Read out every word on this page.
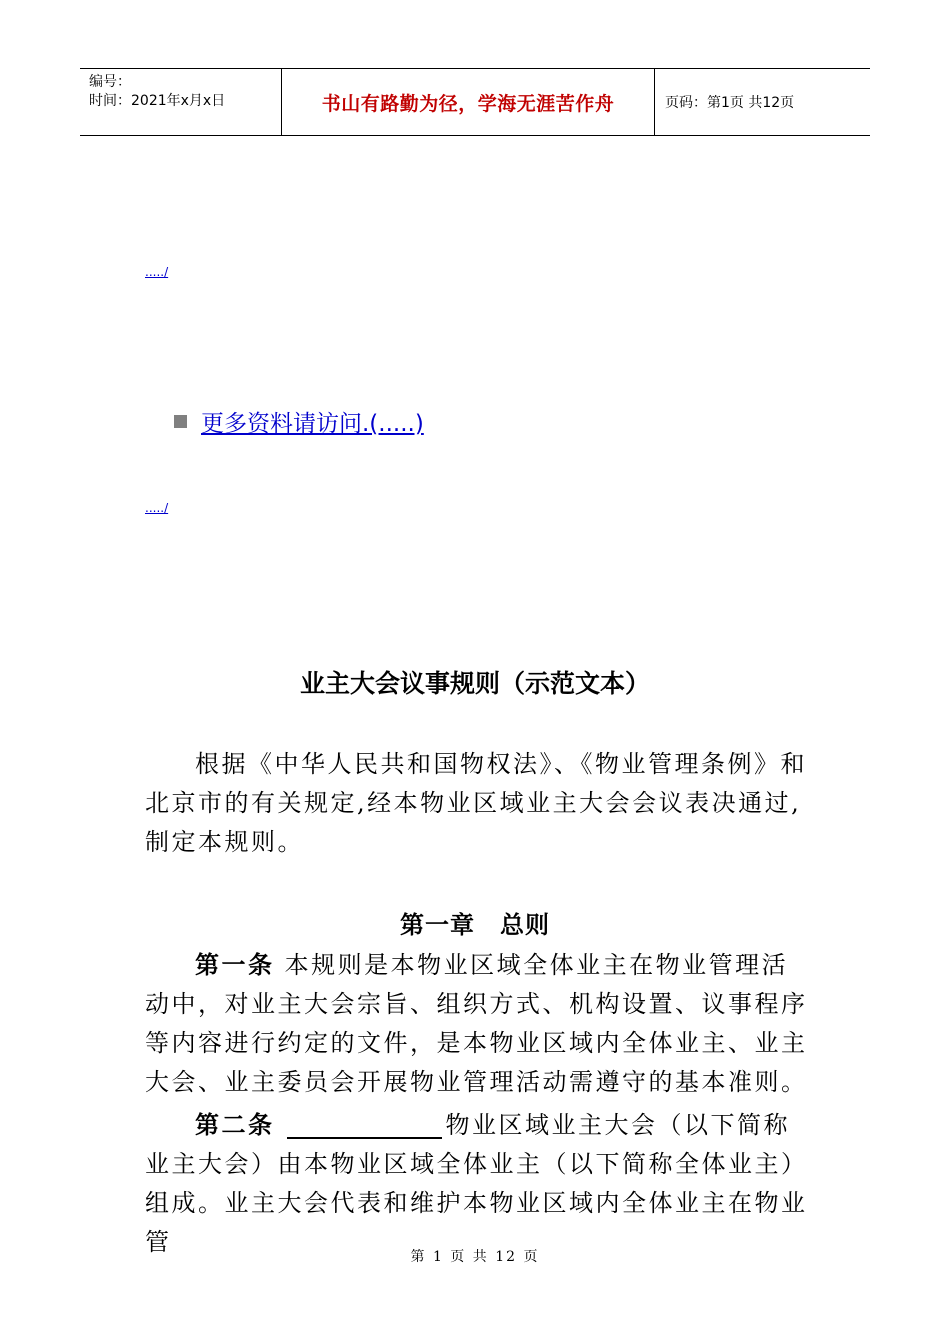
编号：
时间：2021年x月x日	书山有路勤为径，学海无涯苦作舟	页码：第1页 共12页
...../
更多资料请访问.(.....)
...../
业主大会议事规则（示范文本）
根据《中华人民共和国物权法》、《物业管理条例》和北京市的有关规定,经本物业区域业主大会会议表决通过,制定本规则。
第一章　总则
第一条 本规则是本物业区域全体业主在物业管理活动中，对业主大会宗旨、组织方式、机构设置、议事程序等内容进行约定的文件，是本物业区域内全体业主、业主大会、业主委员会开展物业管理活动需遵守的基本准则。
第二条	物业区域业主大会（以下简称业主大会）由本物业区域全体业主（以下简称全体业主）组成。业主大会代表和维护本物业区域内全体业主在物业管
第 1 页 共 12 页
